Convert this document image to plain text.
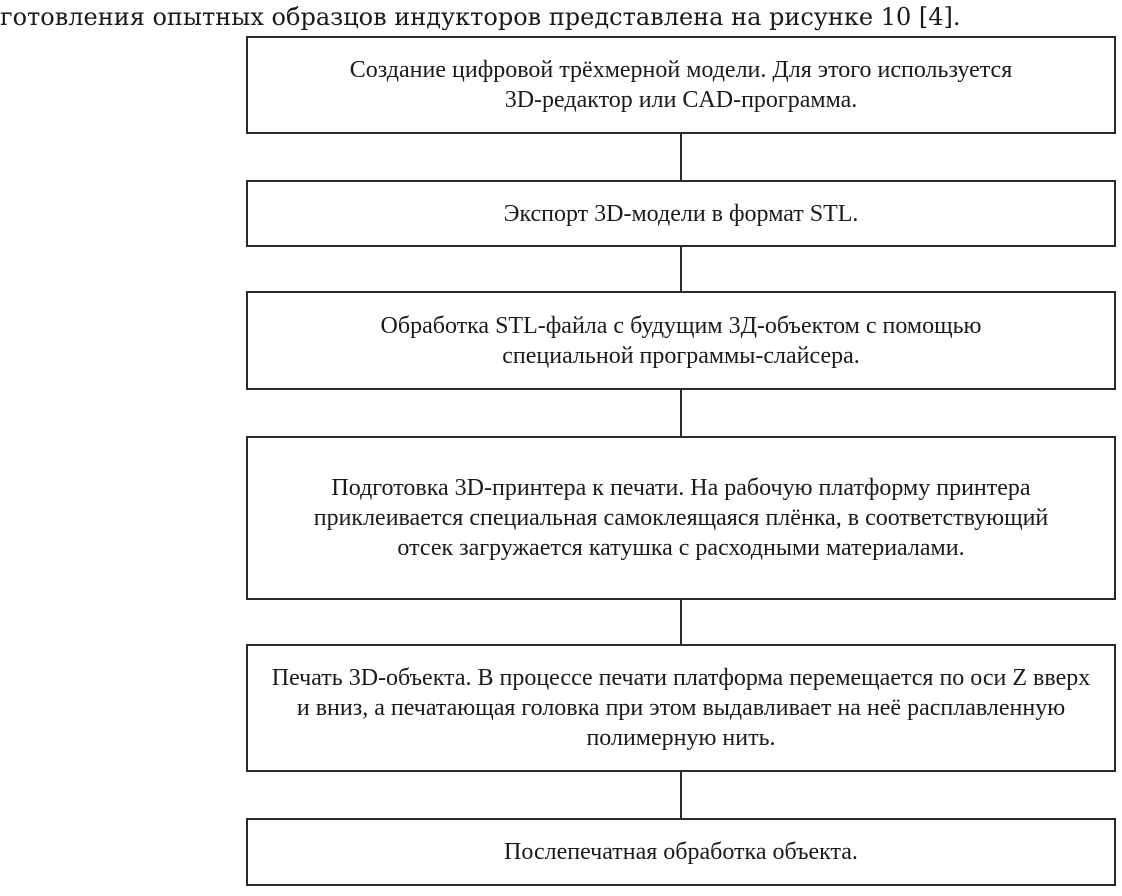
готовления опытных образцов индукторов представлена на рисунке 10 [4].
Создание цифровой трёхмерной модели. Для этого используется 3D-редактор или CAD-программа.
Экспорт 3D-модели в формат STL.
Обработка STL-файла с будущим 3Д-объектом с помощью специальной программы-слайсера.
Подготовка 3D-принтера к печати. На рабочую платформу принтера приклеивается специальная самоклеящаяся плёнка, в соответствующий отсек загружается катушка с расходными материалами.
Печать 3D-объекта. В процессе печати платформа перемещается по оси Z вверх и вниз, а печатающая головка при этом выдавливает на неё расплавленную полимерную нить.
Послепечатная обработка объекта.
